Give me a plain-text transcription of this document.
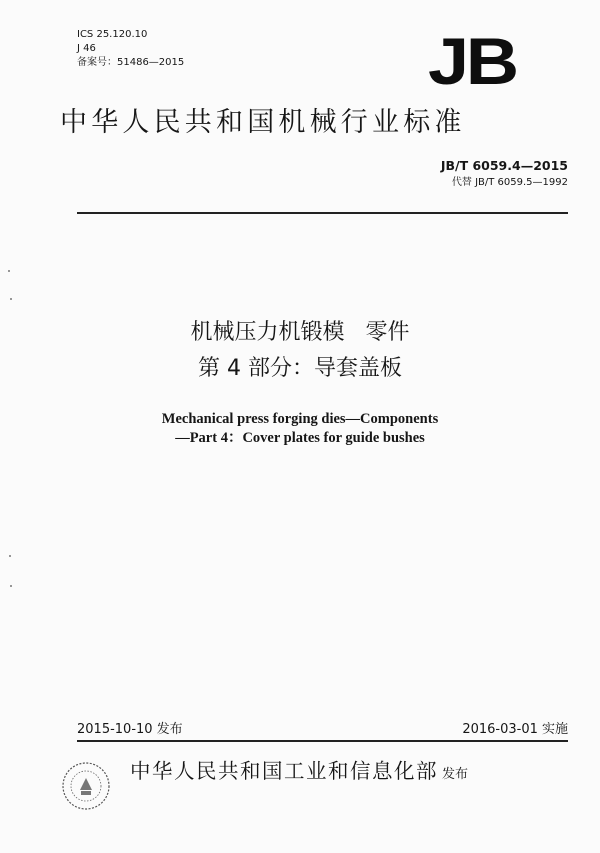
ICS 25.120.10
J 46
备案号：51486—2015	JB
中华人民共和国机械行业标准
JB/T 6059.4—2015
代替 JB/T 6059.5—1992
机械压力机锻模   零件
第 4 部分：导套盖板
Mechanical press forging dies—Components
—Part 4：Cover plates for guide bushes
2015-10-10 发布	2016-03-01 实施
中华人民共和国工业和信息化部 发布
